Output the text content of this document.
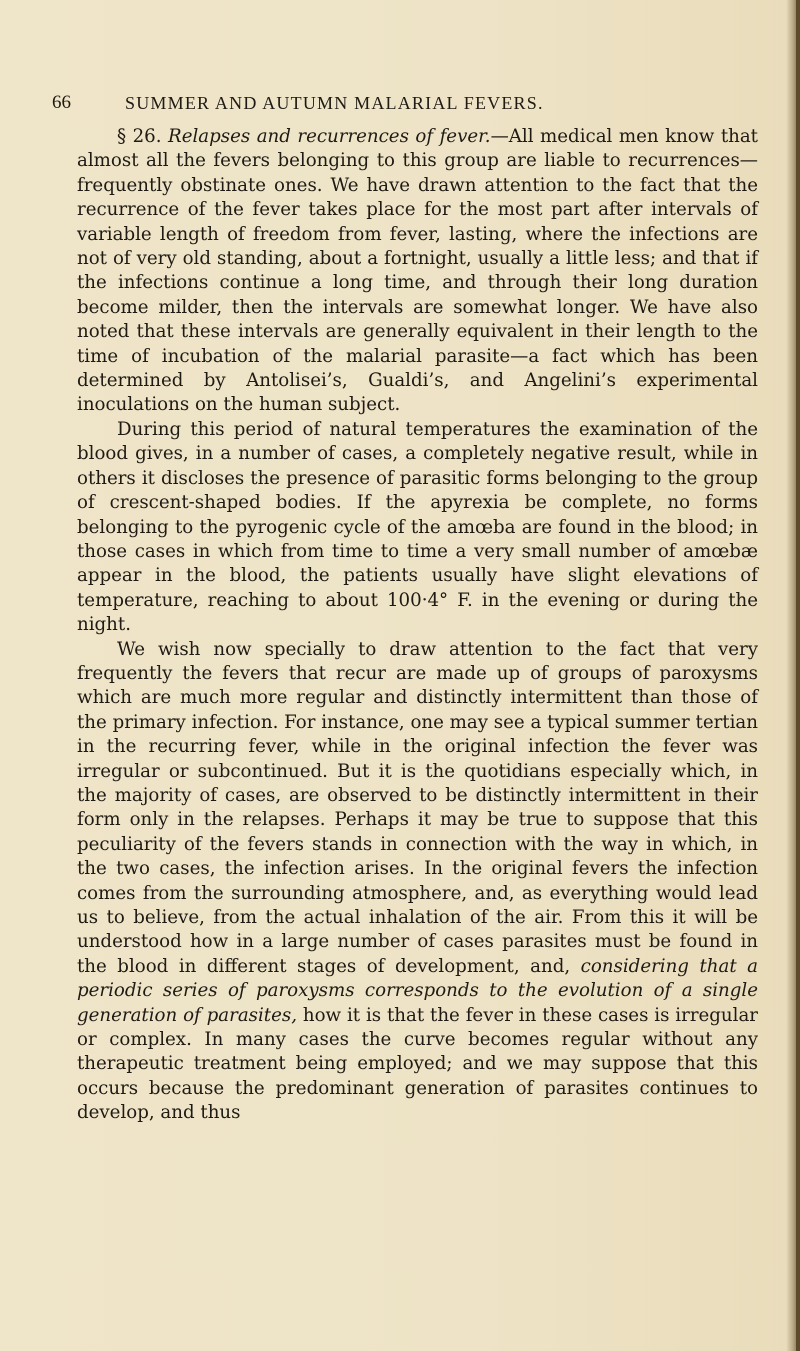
66	SUMMER AND AUTUMN MALARIAL FEVERS.

§ 26. Relapses and recurrences of fever.—All medical men know that almost all the fevers belonging to this group are liable to recurrences—frequently obstinate ones. We have drawn attention to the fact that the recurrence of the fever takes place for the most part after intervals of variable length of freedom from fever, lasting, where the infections are not of very old standing, about a fortnight, usually a little less; and that if the infections continue a long time, and through their long duration become milder, then the intervals are somewhat longer. We have also noted that these intervals are generally equivalent in their length to the time of incubation of the malarial parasite—a fact which has been determined by Antolisei’s, Gualdi’s, and Angelini’s experimental inoculations on the human subject.

During this period of natural temperatures the examination of the blood gives, in a number of cases, a completely negative result, while in others it discloses the presence of parasitic forms belonging to the group of crescent-shaped bodies. If the apyrexia be complete, no forms belonging to the pyrogenic cycle of the amœba are found in the blood; in those cases in which from time to time a very small number of amœbæ appear in the blood, the patients usually have slight elevations of temperature, reaching to about 100·4° F. in the evening or during the night.

We wish now specially to draw attention to the fact that very frequently the fevers that recur are made up of groups of paroxysms which are much more regular and distinctly intermittent than those of the primary infection. For instance, one may see a typical summer tertian in the recurring fever, while in the original infection the fever was irregular or subcontinued. But it is the quotidians especially which, in the majority of cases, are observed to be distinctly intermittent in their form only in the relapses. Perhaps it may be true to suppose that this peculiarity of the fevers stands in connection with the way in which, in the two cases, the infection arises. In the original fevers the infection comes from the surrounding atmosphere, and, as everything would lead us to believe, from the actual inhalation of the air. From this it will be understood how in a large number of cases parasites must be found in the blood in different stages of development, and, considering that a periodic series of paroxysms corresponds to the evolution of a single generation of parasites, how it is that the fever in these cases is irregular or complex. In many cases the curve becomes regular without any therapeutic treatment being employed; and we may suppose that this occurs because the predominant generation of parasites continues to develop, and thus
